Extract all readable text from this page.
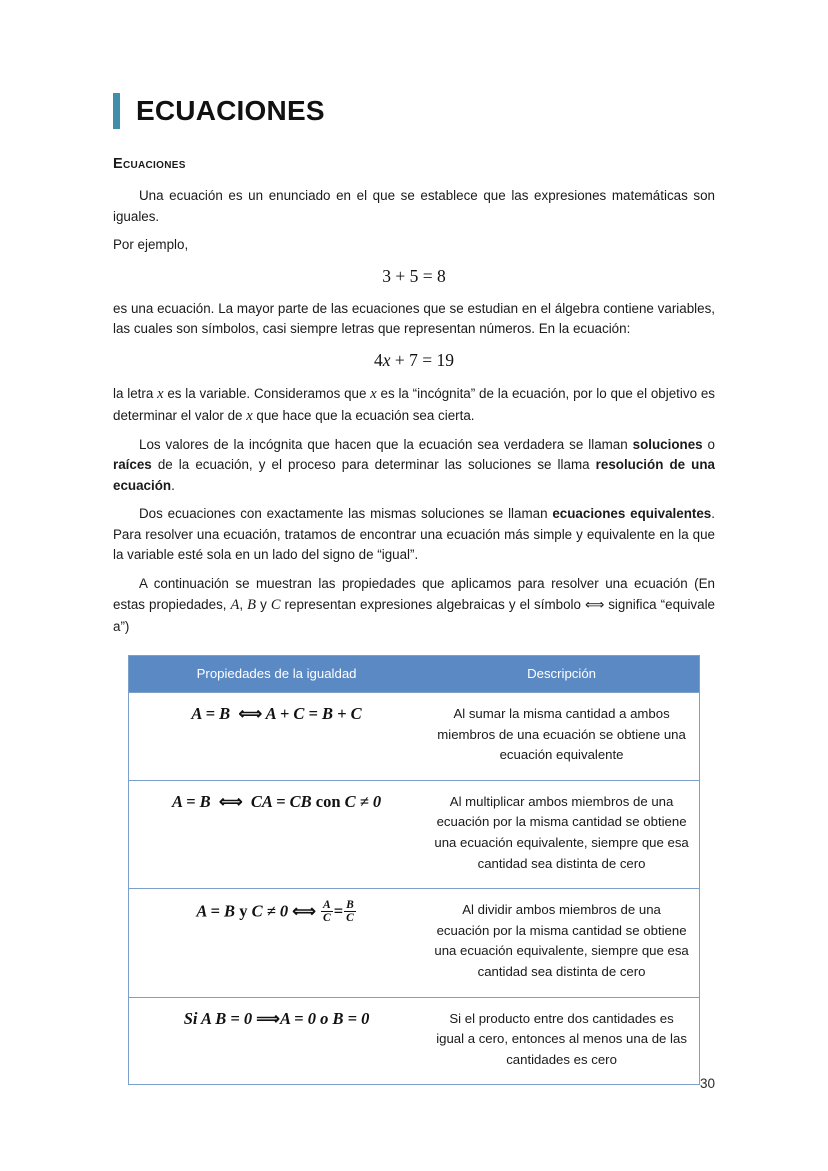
ECUACIONES
Ecuaciones

Una ecuación es un enunciado en el que se establece que las expresiones matemáticas son iguales.

Por ejemplo,

3 + 5 = 8

es una ecuación. La mayor parte de las ecuaciones que se estudian en el álgebra contiene variables, las cuales son símbolos, casi siempre letras que representan números. En la ecuación:

4x + 7 = 19

la letra x es la variable. Consideramos que x es la “incógnita” de la ecuación, por lo que el objetivo es determinar el valor de x que hace que la ecuación sea cierta.

Los valores de la incógnita que hacen que la ecuación sea verdadera se llaman soluciones o raíces de la ecuación, y el proceso para determinar las soluciones se llama resolución de una ecuación.

Dos ecuaciones con exactamente las mismas soluciones se llaman ecuaciones equivalentes. Para resolver una ecuación, tratamos de encontrar una ecuación más simple y equivalente en la que la variable esté sola en un lado del signo de “igual”.

A continuación se muestran las propiedades que aplicamos para resolver una ecuación (En estas propiedades, A, B y C representan expresiones algebraicas y el símbolo ⟺ significa “equivale a”)

Propiedades de la igualdad	Descripción
A = B ⟺ A + C = B + C	Al sumar la misma cantidad a ambos miembros de una ecuación se obtiene una ecuación equivalente
A = B ⟺ CA = CB con C ≠ 0	Al multiplicar ambos miembros de una ecuación por la misma cantidad se obtiene una ecuación equivalente, siempre que esa cantidad sea distinta de cero
A = B y C ≠ 0 ⟺ $\frac{A}{C} = \frac{B}{C}$	Al dividir ambos miembros de una ecuación por la misma cantidad se obtiene una ecuación equivalente, siempre que esa cantidad sea distinta de cero
Si A B = 0 ⟹A = 0 o B = 0	Si el producto entre dos cantidades es igual a cero, entonces al menos una de las cantidades es cero
30
